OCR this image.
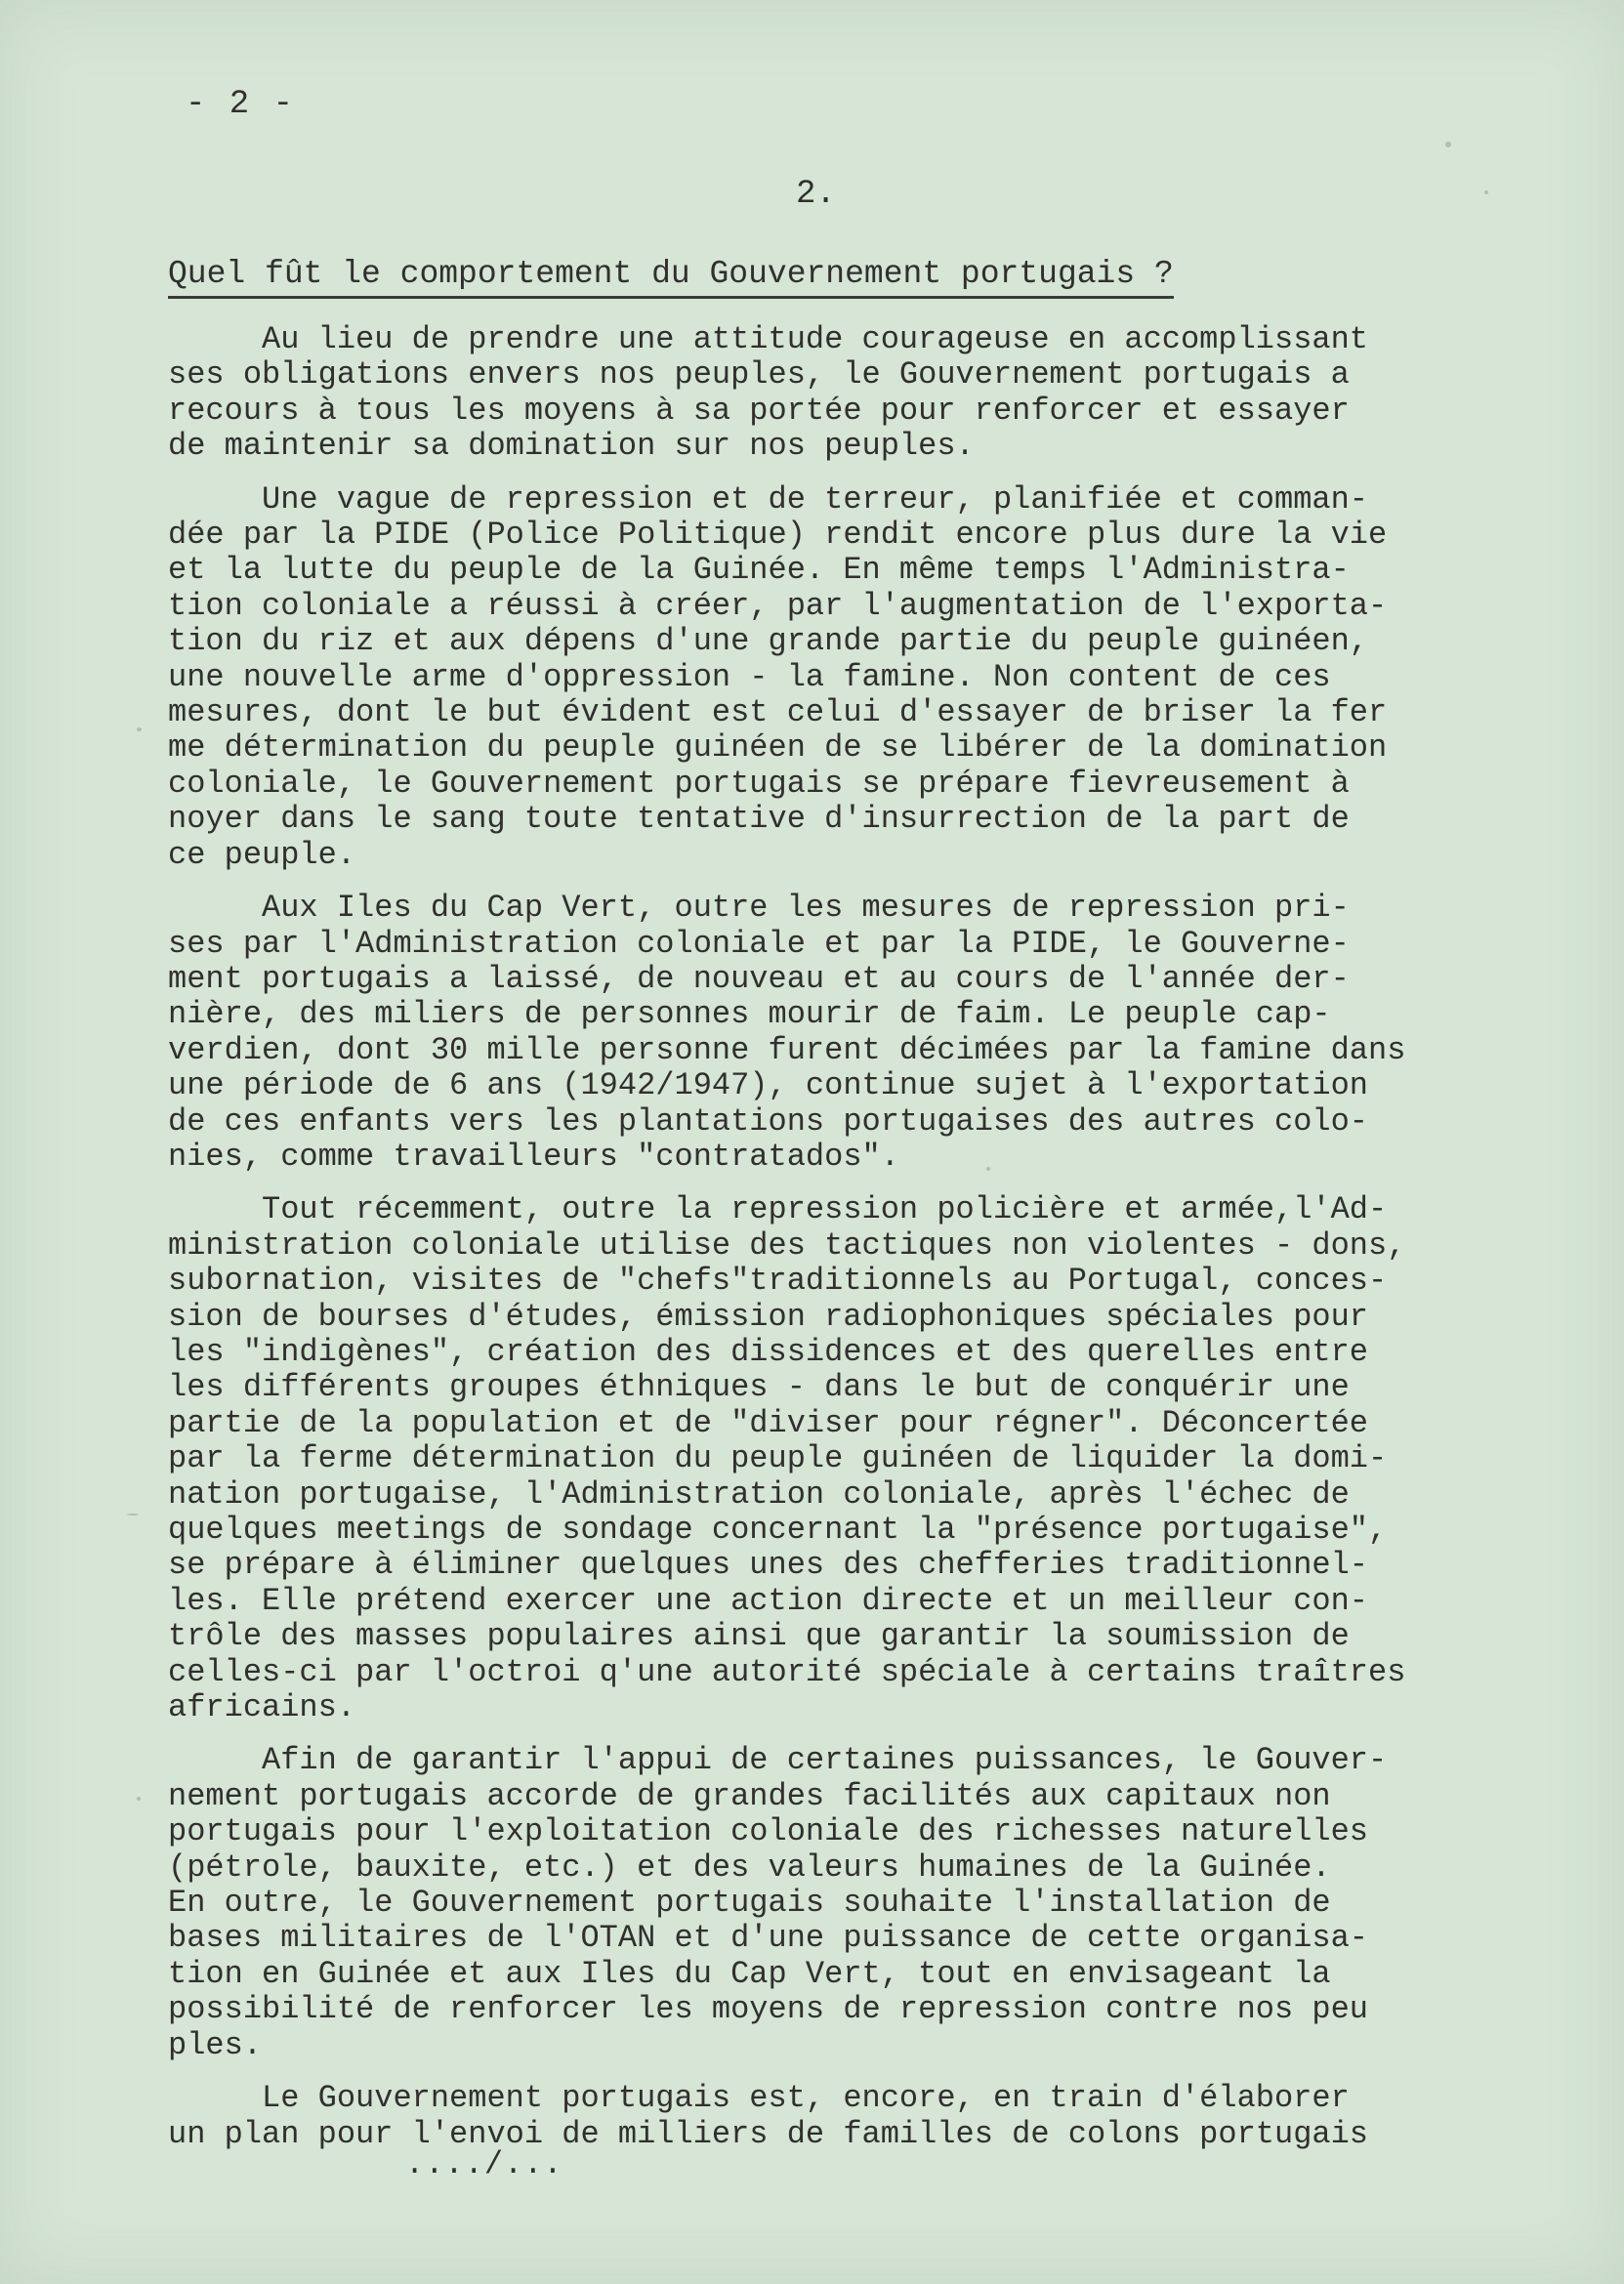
- 2 -
2.
Quel fût le comportement du Gouvernement portugais ?
Au lieu de prendre une attitude courageuse en accomplissant
ses obligations envers nos peuples, le Gouvernement portugais a
recours à tous les moyens à sa portée pour renforcer et essayer
de maintenir sa domination sur nos peuples.
Une vague de repression et de terreur, planifiée et comman-
dée par la PIDE (Police Politique) rendit encore plus dure la vie
et la lutte du peuple de la Guinée. En même temps l'Administra-
tion coloniale a réussi à créer, par l'augmentation de l'exporta-
tion du riz et aux dépens d'une grande partie du peuple guinéen,
une nouvelle arme d'oppression - la famine. Non content de ces
mesures, dont le but évident est celui d'essayer de briser la fer
me détermination du peuple guinéen de se libérer de la domination
coloniale, le Gouvernement portugais se prépare fievreusement à
noyer dans le sang toute tentative d'insurrection de la part de
ce peuple.
Aux Iles du Cap Vert, outre les mesures de repression pri-
ses par l'Administration coloniale et par la PIDE, le Gouverne-
ment portugais a laissé, de nouveau et au cours de l'année der-
nière, des miliers de personnes mourir de faim. Le peuple cap-
verdien, dont 30 mille personne furent décimées par la famine dans
une période de 6 ans (1942/1947), continue sujet à l'exportation
de ces enfants vers les plantations portugaises des autres colo-
nies, comme travailleurs "contratados".
Tout récemment, outre la repression policière et armée,l'Ad-
ministration coloniale utilise des tactiques non violentes - dons,
subornation, visites de "chefs"traditionnels au Portugal, conces-
sion de bourses d'études, émission radiophoniques spéciales pour
les "indigènes", création des dissidences et des querelles entre
les différents groupes éthniques - dans le but de conquérir une
partie de la population et de "diviser pour régner". Déconcertée
par la ferme détermination du peuple guinéen de liquider la domi-
nation portugaise, l'Administration coloniale, après l'échec de
quelques meetings de sondage concernant la "présence portugaise",
se prépare à éliminer quelques unes des chefferies traditionnel-
les. Elle prétend exercer une action directe et un meilleur con-
trôle des masses populaires ainsi que garantir la soumission de
celles-ci par l'octroi q'une autorité spéciale à certains traîtres
africains.
Afin de garantir l'appui de certaines puissances, le Gouver-
nement portugais accorde de grandes facilités aux capitaux non
portugais pour l'exploitation coloniale des richesses naturelles
(pétrole, bauxite, etc.) et des valeurs humaines de la Guinée.
En outre, le Gouvernement portugais souhaite l'installation de
bases militaires de l'OTAN et d'une puissance de cette organisa-
tion en Guinée et aux Iles du Cap Vert, tout en envisageant la
possibilité de renforcer les moyens de repression contre nos peu
ples.
Le Gouvernement portugais est, encore, en train d'élaborer
un plan pour l'envoi de milliers de familles de colons portugais
..../...
